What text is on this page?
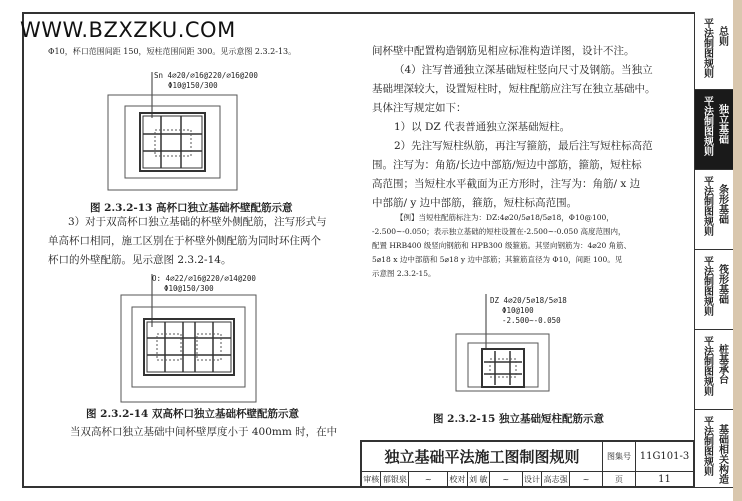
WWW.BZXZKU.COM
Φ10，杯口范围间距 150，短柱范围间距 300。见示意图 2.3.2-13。
Sn 4⌀20/⌀16@220/⌀16@200
Φ10@150/300
图 2.3.2-13 高杯口独立基础杯壁配筋示意
3）对于双高杯口独立基础的杯壁外侧配筋，注写形式与
单高杯口相同，施工区别在于杯壁外侧配筋为同时环住两个
杯口的外壁配筋。见示意图 2.3.2-14。
O: 4⌀22/⌀16@220/⌀14@200
Φ10@150/300
图 2.3.2-14 双高杯口独立基础杯壁配筋示意
当双高杯口独立基础中间杯壁厚度小于 400mm 时，在中
间杯壁中配置构造钢筋见相应标准构造详图，设计不注。
（4）注写普通独立深基础短柱竖向尺寸及钢筋。当独立
基础埋深较大，设置短柱时，短柱配筋应注写在独立基础中。
具体注写规定如下：
1）以 DZ 代表普通独立深基础短柱。
2）先注写短柱纵筋，再注写箍筋，最后注写短柱标高范
围。注写为：角筋/长边中部筋/短边中部筋，箍筋，短柱标
高范围；当短柱水平截面为正方形时，注写为：角筋/ x 边
中部筋/ y 边中部筋，箍筋，短柱标高范围。
【例】当短柱配筋标注为：DZ:4⌀20/5⌀18/5⌀18，Φ10@100，
-2.500~-0.050；表示独立基础的短柱设置在-2.500~-0.050 高度范围内，
配置 HRB400 级竖向钢筋和 HPB300 级箍筋。其竖向钢筋为：4⌀20 角筋、
5⌀18 x 边中部筋和 5⌀18 y 边中部筋；其箍筋直径为 Φ10，间距 100。见
示意图 2.3.2-15。
DZ 4⌀20/5⌀18/5⌀18
Φ10@100
-2.500~-0.050
图 2.3.2-15 独立基础短柱配筋示意
独立基础平法施工图制图规则									图集号	11G101-3
审核	郁银泉	~	校对	刘 敏	~	设计	高志强	~	页	11
平法制图规则 总则
平法制图规则 独立基础
平法制图规则 条形基础
平法制图规则 筏形基础
平法制图规则 桩基承台
平法制图规则 基础相关构造
